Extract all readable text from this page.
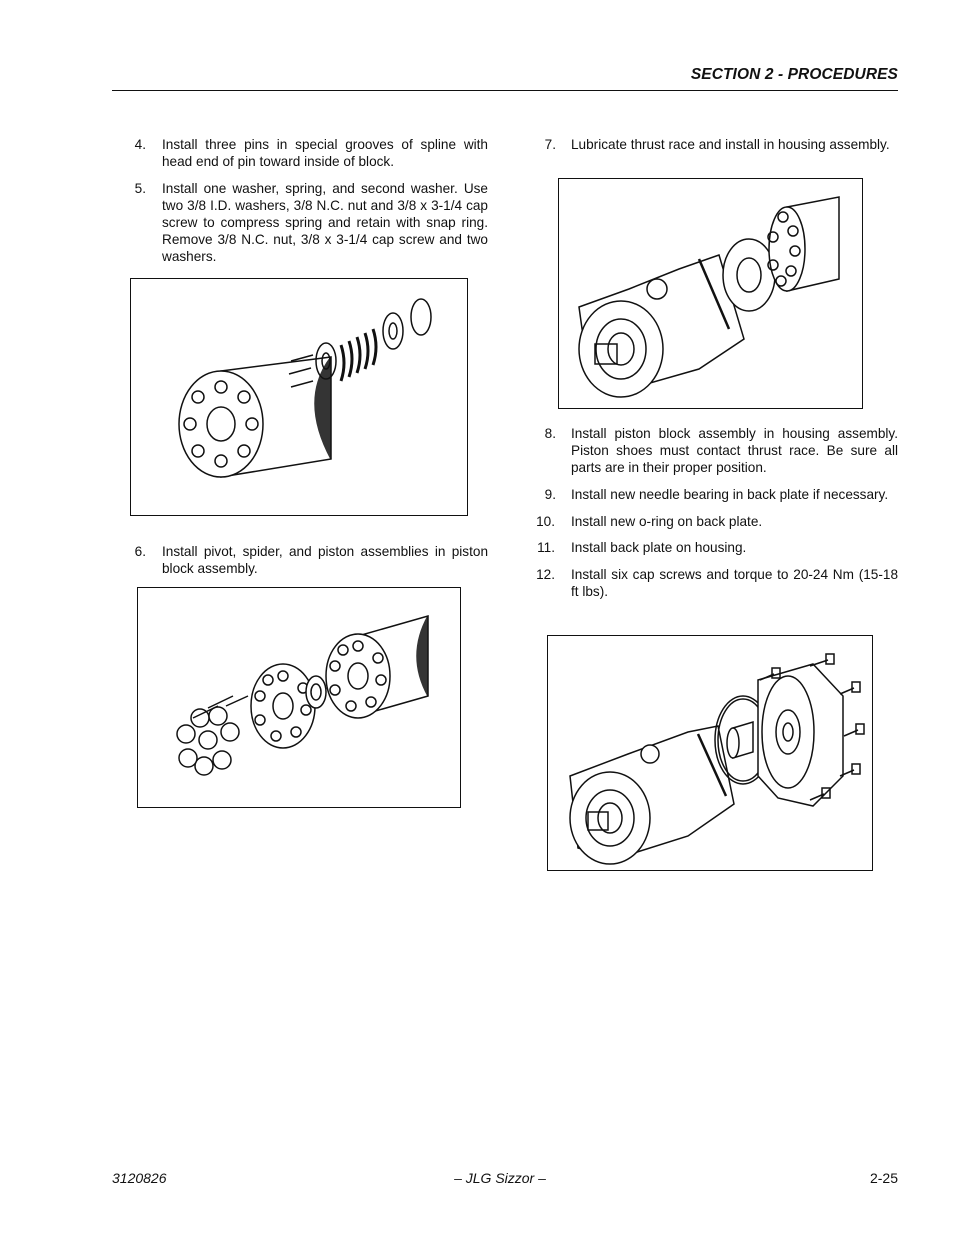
SECTION 2 - PROCEDURES
4. Install three pins in special grooves of spline with head end of pin toward inside of block.
5. Install one washer, spring, and second washer. Use two 3/8 I.D. washers, 3/8 N.C. nut and 3/8 x 3-1/4 cap screw to compress spring and retain with snap ring. Remove 3/8 N.C. nut, 3/8 x 3-1/4 cap screw and two washers.
6. Install pivot, spider, and piston assemblies in piston block assembly.
7. Lubricate thrust race and install in housing assembly.
8. Install piston block assembly in housing assembly. Piston shoes must contact thrust race. Be sure all parts are in their proper position.
9. Install new needle bearing in back plate if necessary.
10. Install new o-ring on back plate.
11. Install back plate on housing.
12. Install six cap screws and torque to 20-24 Nm (15-18 ft lbs).
3120826	– JLG Sizzor –	2-25
